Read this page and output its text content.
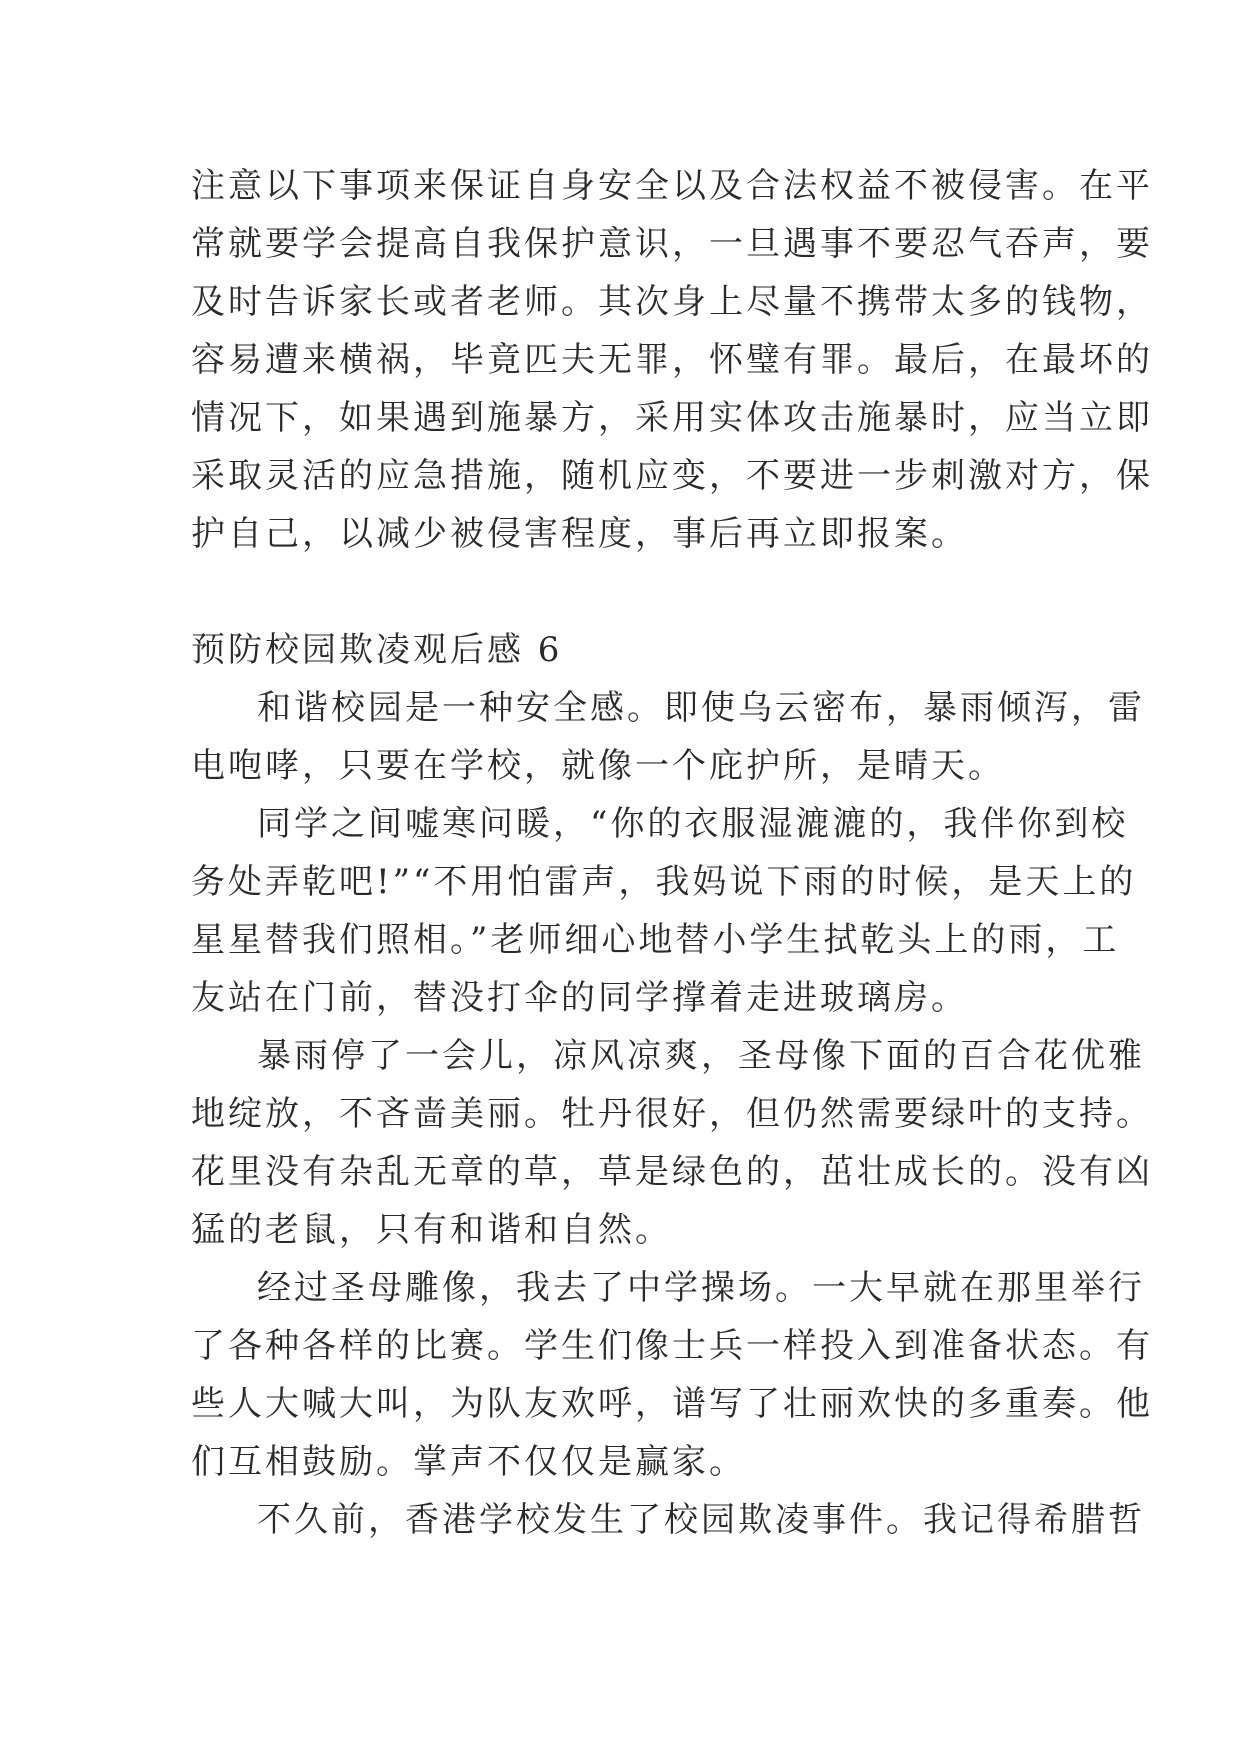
注意以下事项来保证自身安全以及合法权益不被侵害。在平
常就要学会提高自我保护意识，一旦遇事不要忍气吞声，要
及时告诉家长或者老师。其次身上尽量不携带太多的钱物，
容易遭来横祸，毕竟匹夫无罪，怀璧有罪。最后，在最坏的
情况下，如果遇到施暴方，采用实体攻击施暴时，应当立即
采取灵活的应急措施，随机应变，不要进一步刺激对方，保
护自己，以减少被侵害程度，事后再立即报案。
预防校园欺凌观后感 6
和谐校园是一种安全感。即使乌云密布，暴雨倾泻，雷
电咆哮，只要在学校，就像一个庇护所，是晴天。
同学之间嘘寒问暖，“你的衣服湿漉漉的，我伴你到校
务处弄乾吧!”“不用怕雷声，我妈说下雨的时候，是天上的
星星替我们照相。”老师细心地替小学生拭乾头上的雨，工
友站在门前，替没打伞的同学撑着走进玻璃房。
暴雨停了一会儿，凉风凉爽，圣母像下面的百合花优雅
地绽放，不吝啬美丽。牡丹很好，但仍然需要绿叶的支持。
花里没有杂乱无章的草，草是绿色的，茁壮成长的。没有凶
猛的老鼠，只有和谐和自然。
经过圣母雕像，我去了中学操场。一大早就在那里举行
了各种各样的比赛。学生们像士兵一样投入到准备状态。有
些人大喊大叫，为队友欢呼，谱写了壮丽欢快的多重奏。他
们互相鼓励。掌声不仅仅是赢家。
不久前，香港学校发生了校园欺凌事件。我记得希腊哲
